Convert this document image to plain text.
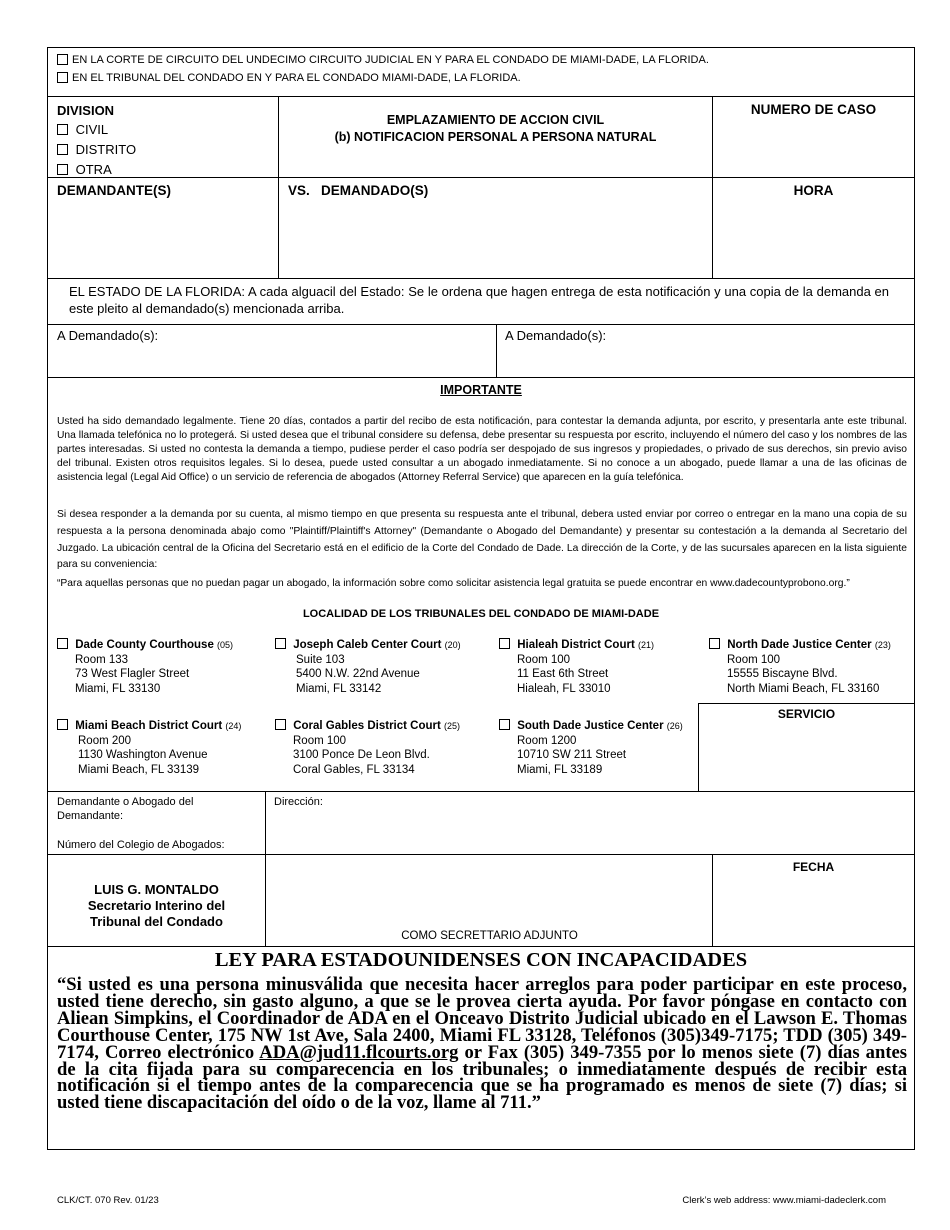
EN LA CORTE DE CIRCUITO DEL UNDECIMO CIRCUITO JUDICIAL EN Y PARA EL CONDADO DE MIAMI-DADE, LA FLORIDA.
EN EL TRIBUNAL DEL CONDADO EN Y PARA EL CONDADO MIAMI-DADE, LA FLORIDA.
DIVISION
CIVIL
DISTRITO
OTRA
EMPLAZAMIENTO DE ACCION CIVIL
(b) NOTIFICACION PERSONAL A PERSONA NATURAL
NUMERO DE CASO
DEMANDANTE(S)	VS. DEMANDADO(S)	HORA
EL ESTADO DE LA FLORIDA: A cada alguacil del Estado: Se le ordena que hagen entrega de esta notificación y una copia de la demanda en este pleito al demandado(s) mencionada arriba.
A Demandado(s):	A Demandado(s):
IMPORTANTE
Usted ha sido demandado legalmente. Tiene 20 días, contados a partir del recibo de esta notificación, para contestar la demanda adjunta, por escrito, y presentarla ante este tribunal. Una llamada telefónica no lo protegerá. Si usted desea que el tribunal considere su defensa, debe presentar su respuesta por escrito, incluyendo el número del caso y los nombres de las partes interesadas. Si usted no contesta la demanda a tiempo, pudiese perder el caso podría ser despojado de sus ingresos y propiedades, o privado de sus derechos, sin previo aviso del tribunal. Existen otros requisitos legales. Si lo desea, puede usted consultar a un abogado inmediatamente. Si no conoce a un abogado, puede llamar a una de las oficinas de asistencia legal (Legal Aid Office) o un servicio de referencia de abogados (Attorney Referral Service) que aparecen en la guía telefónica.
Si desea responder a la demanda por su cuenta, al mismo tiempo en que presenta su respuesta ante el tribunal, debera usted enviar por correo o entregar en la mano una copia de su respuesta a la persona denominada abajo como "Plaintiff/Plaintiff's Attorney" (Demandante o Abogado del Demandante) y presentar su contestación a la demanda al Secretario del Juzgado. La ubicación central de la Oficina del Secretario está en el edificio de la Corte del Condado de Dade. La dirección de la Corte, y de las sucursales aparecen en la lista siguiente para su conveniencia:
“Para aquellas personas que no puedan pagar un abogado, la información sobre como solicitar asistencia legal gratuita se puede encontrar en www.dadecountyprobono.org.”
LOCALIDAD DE LOS TRIBUNALES DEL CONDADO DE MIAMI-DADE
Dade County Courthouse (05)
Room 133
73 West Flagler Street
Miami, FL 33130
Joseph Caleb Center Court (20)
Suite 103
5400 N.W. 22nd Avenue
Miami, FL 33142
Hialeah District Court (21)
Room 100
11 East 6th Street
Hialeah, FL 33010
North Dade Justice Center (23)
Room 100
15555 Biscayne Blvd.
North Miami Beach, FL 33160
SERVICIO
Miami Beach District Court (24)
Room 200
1130 Washington Avenue
Miami Beach, FL 33139
Coral Gables District Court (25)
Room 100
3100 Ponce De Leon Blvd.
Coral Gables, FL 33134
South Dade Justice Center (26)
Room 1200
10710 SW 211 Street
Miami, FL 33189
Demandante o Abogado del
Demandante:
Número del Colegio de Abogados:
Dirección:
LUIS G. MONTALDO
Secretario Interino del
Tribunal del Condado
COMO SECRETTARIO ADJUNTO
FECHA
LEY PARA ESTADOUNIDENSES CON INCAPACIDADES
“Si usted es una persona minusválida que necesita hacer arreglos para poder participar en este proceso, usted tiene derecho, sin gasto alguno, a que se le provea cierta ayuda. Por favor póngase en contacto con Aliean Simpkins, el Coordinador de ADA en el Onceavo Distrito Judicial ubicado en el Lawson E. Thomas Courthouse Center, 175 NW 1st Ave, Sala 2400, Miami FL 33128, Teléfonos (305)349-7175; TDD (305) 349-7174, Correo electrónico ADA@jud11.flcourts.org or Fax (305) 349-7355 por lo menos siete (7) días antes de la cita fijada para su comparecencia en los tribunales; o inmediatamente después de recibir esta notificación si el tiempo antes de la comparecencia que se ha programado es menos de siete (7) días; si usted tiene discapacitación del oído o de la voz, llame al 711.”
CLK/CT. 070 Rev. 01/23	Clerk’s web address: www.miami-dadeclerk.com
